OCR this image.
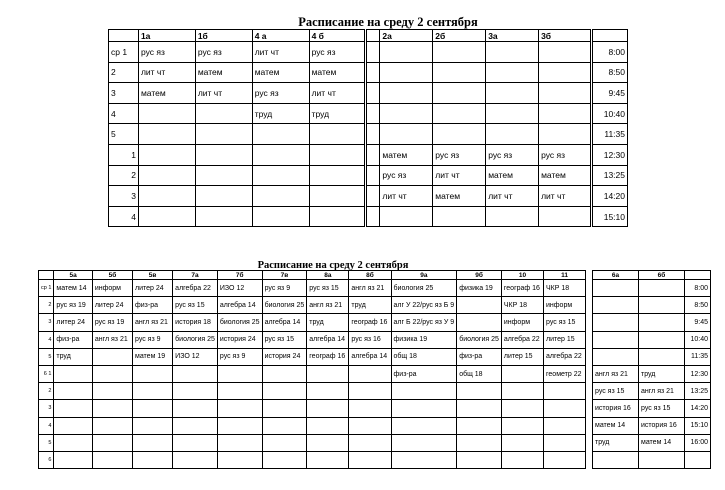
Расписание на среду 2 сентября
	1а	1б	4 а	4 б		2а	2б	3а	3б	
ср 1	рус яз	рус яз	лит чт	рус яз						8:00
2	лит чт	матем	матем	матем						8:50
3	матем	лит чт	рус яз	лит чт						9:45
4			труд	труд						10:40
5										11:35
1						матем	рус яз	рус яз	рус яз	12:30
2						рус яз	лит чт	матем	матем	13:25
3						лит чт	матем	лит чт	лит чт	14:20
4										15:10
Расписание на среду 2 сентября
	5а	5б	5в	7а	7б	7в	8а	8б	9а	9б	10	11
ср 1	матем 14	информ	литер 24	алгебра 22	ИЗО 12	рус яз 9	рус яз 15	англ яз 21	биология 25	физика 19	географ 16	ЧКР 18
2	рус яз 19	литер 24	физ-ра	рус яз 15	алгебра 14	биология 25	англ яз 21	труд	алг У 22/рус яз Б 9		ЧКР 18	информ
3	литер 24	рус яз 19	англ яз 21	история 18	биология 25	алгебра 14	труд	географ 16	алг Б 22/рус яз У 9		информ	рус яз 15
4	физ-ра	англ яз 21	рус яз 9	биология 25	история 24	рус яз 15	алгебра 14	рус яз 16	физика 19	биология 25	алгебра 22	литер 15
5	труд		матем 19	ИЗО 12	рус яз 9	история 24	географ 16	алгебра 14	общ 18	физ-ра	литер 15	алгебра 22
6 1									физ-ра	общ 18		геометр 22
2												
3												
4												
5												
6												
6а	6б	
		8:00
		8:50
		9:45
		10:40
		11:35
англ яз 21	труд	12:30
рус яз 15	англ яз 21	13:25
история 16	рус яз 15	14:20
матем 14	история 16	15:10
труд	матем 14	16:00
